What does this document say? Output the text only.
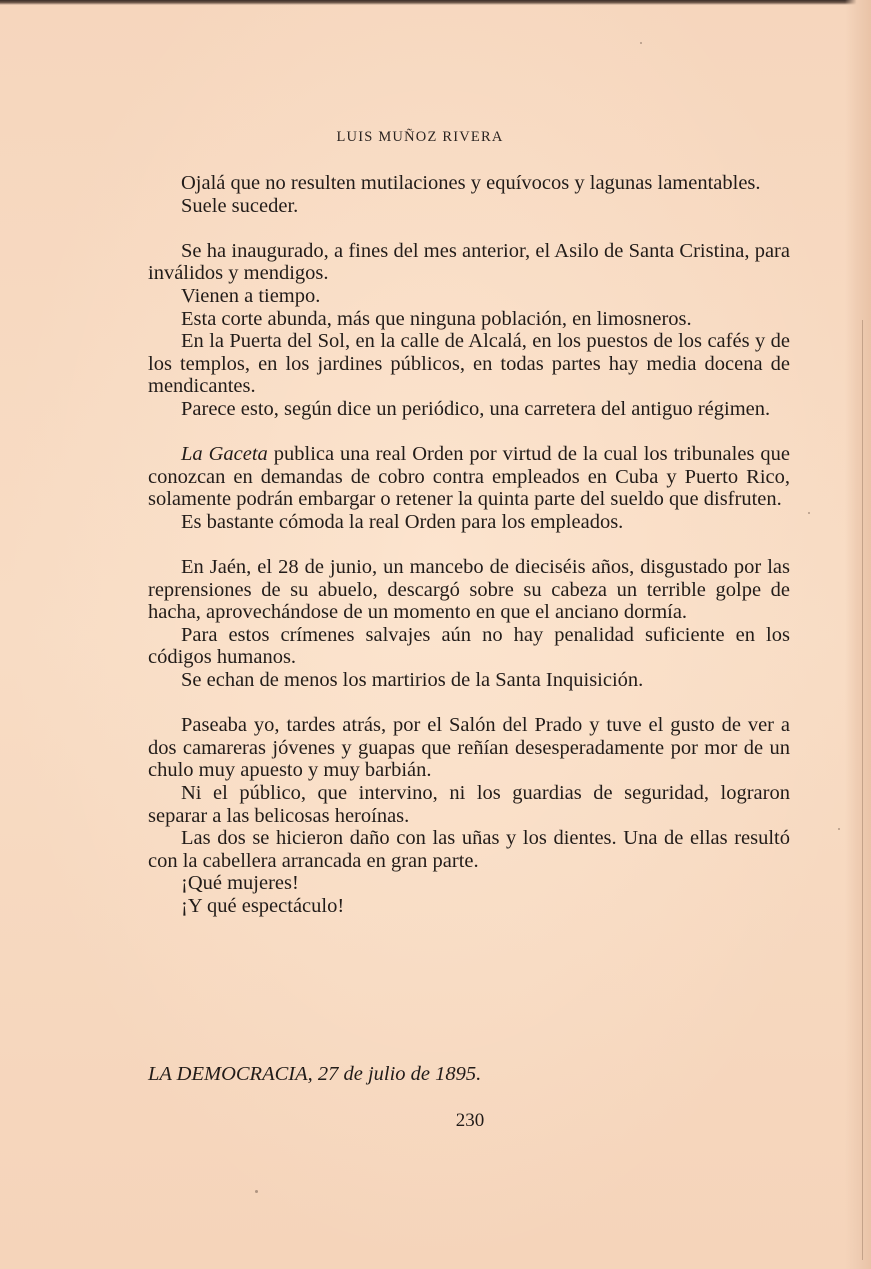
LUIS MUÑOZ RIVERA

Ojalá que no resulten mutilaciones y equívocos y lagunas lamentables.

Suele suceder.

Se ha inaugurado, a fines del mes anterior, el Asilo de Santa Cristina, para inválidos y mendigos.

Vienen a tiempo.

Esta corte abunda, más que ninguna población, en limosneros.

En la Puerta del Sol, en la calle de Alcalá, en los puestos de los cafés y de los templos, en los jardines públicos, en todas partes hay media docena de mendicantes.

Parece esto, según dice un periódico, una carretera del antiguo régimen.

La Gaceta publica una real Orden por virtud de la cual los tribunales que conozcan en demandas de cobro contra empleados en Cuba y Puerto Rico, solamente podrán embargar o retener la quinta parte del sueldo que disfruten.

Es bastante cómoda la real Orden para los empleados.

En Jaén, el 28 de junio, un mancebo de dieciséis años, disgustado por las reprensiones de su abuelo, descargó sobre su cabeza un terrible golpe de hacha, aprovechándose de un momento en que el anciano dormía.

Para estos crímenes salvajes aún no hay penalidad suficiente en los códigos humanos.

Se echan de menos los martirios de la Santa Inquisición.

Paseaba yo, tardes atrás, por el Salón del Prado y tuve el gusto de ver a dos camareras jóvenes y guapas que reñían desesperadamente por mor de un chulo muy apuesto y muy barbián.

Ni el público, que intervino, ni los guardias de seguridad, lograron separar a las belicosas heroínas.

Las dos se hicieron daño con las uñas y los dientes. Una de ellas resultó con la cabellera arrancada en gran parte.

¡Qué mujeres!

¡Y qué espectáculo!

LA DEMOCRACIA, 27 de julio de 1895.
230
